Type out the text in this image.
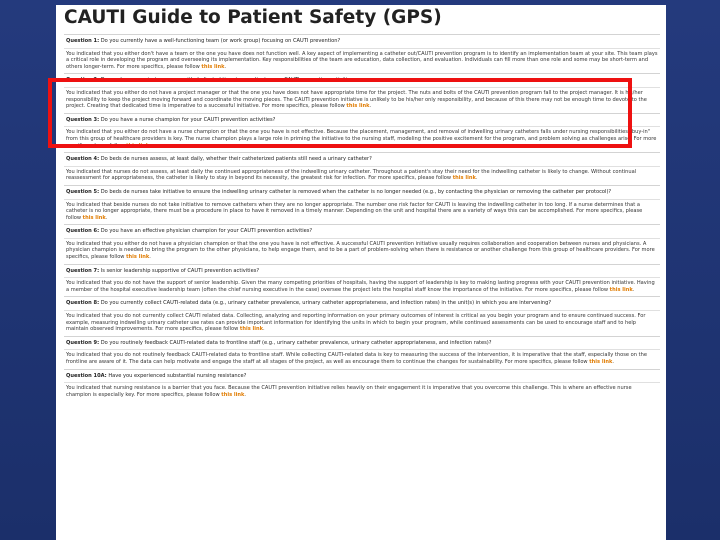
CAUTI Guide to Patient Safety (GPS)
Question 1: Do you currently have a well-functioning team (or work group) focusing on CAUTI prevention?
You indicated that you either don't have a team or the one you have does not function well. A key aspect of implementing a catheter out/CAUTI prevention program is to identify an implementation team at your site. This team plays a critical role in developing the program and overseeing its implementation. Key responsibilities of the team are education, data collection, and evaluation. Individuals can fill more than one role and some may be short-term and others longer-term. For more specifics, please follow this link.
Question 2: Do you have a project manager with dedicated time to coordinate your CAUTI prevention activities
You indicated that you either do not have a project manager or that the one you have does not have appropriate time for the project. The nuts and bolts of the CAUTI prevention program fall to the project manager. It is his/her responsibility to keep the project moving forward and coordinate the moving pieces. The CAUTI prevention initiative is unlikely to be his/her only responsibility, and because of this there may not be enough time to devote to the project. Creating that dedicated time is imperative to a successful initiative. For more specifics, please follow this link.
Question 3: Do you have a nurse champion for your CAUTI prevention activities?
You indicated that you either do not have a nurse champion or that the one you have is not effective. Because the placement, management, and removal of indwelling urinary catheters falls under nursing responsibilities "buy-in" from this group of healthcare providers is key. The nurse champion plays a large role in priming the initiative to the nursing staff, modeling the positive excitement for the program, and problem solving as challenges arise. For more specifics, please follow this link.
Question 4: Do beds de nurses assess, at least daily, whether their catheterized patients still need a urinary catheter?
You indicated that nurses do not assess, at least daily the continued appropriateness of the indwelling urinary catheter. Throughout a patient's stay their need for the indwelling catheter is likely to change. Without continual reassessment for appropriateness, the catheter is likely to stay in beyond its necessity, the greatest risk for infection. For more specifics, please follow this link.
Question 5: Do beds de nurses take initiative to ensure the indwelling urinary catheter is removed when the catheter is no longer needed (e.g., by contacting the physician or removing the catheter per protocol)?
You indicated that beside nurses do not take initiative to remove catheters when they are no longer appropriate. The number one risk factor for CAUTI is leaving the indwelling catheter in too long. If a nurse determines that a catheter is no longer appropriate, there must be a procedure in place to have it removed in a timely manner. Depending on the unit and hospital there are a variety of ways this can be accomplished. For more specifics, please follow this link.
Question 6: Do you have an effective physician champion for your CAUTI prevention activities?
You indicated that you either do not have a physician champion or that the one you have is not effective. A successful CAUTI prevention initiative usually requires collaboration and cooperation between nurses and physicians. A physician champion is needed to bring the program to the other physicians, to help engage them, and to be a part of problem-solving when there is resistance or another challenge from this group of healthcare providers. For more specifics, please follow this link.
Question 7: Is senior leadership supportive of CAUTI prevention activities?
You indicated that you do not have the support of senior leadership. Given the many competing priorities of hospitals, having the support of leadership is key to making lasting progress with your CAUTI prevention initiative. Having a member of the hospital executive leadership team (often the chief nursing executive in the case) oversee the project lets the hospital staff know the importance of the initiative. For more specifics, please follow this link.
Question 8: Do you currently collect CAUTI-related data (e.g., urinary catheter prevalence, urinary catheter appropriateness, and infection rates) in the unit(s) in which you are intervening?
You indicated that you do not currently collect CAUTI related data. Collecting, analyzing and reporting information on your primary outcomes of interest is critical as you begin your program and to ensure continued success. For example, measuring indwelling urinary catheter use rates can provide important information for identifying the units in which to begin your program, while continued assessments can be used to encourage staff and to help maintain observed improvements. For more specifics, please follow this link.
Question 9: Do you routinely feedback CAUTI-related data to frontline staff (e.g., urinary catheter prevalence, urinary catheter appropriateness, and infection rates)?
You indicated that you do not routinely feedback CAUTI-related data to frontline staff. While collecting CAUTI-related data is key to measuring the success of the intervention, it is imperative that the staff, especially those on the frontline are aware of it. The data can help motivate and engage the staff at all stages of the project, as well as encourage them to continue the changes for sustainability. For more specifics, please follow this link.
Question 10A: Have you experienced substantial nursing resistance?
You indicated that nursing resistance is a barrier that you face. Because the CAUTI prevention initiative relies heavily on their engagement it is imperative that you overcome this challenge. This is where an effective nurse champion is especially key. For more specifics, please follow this link.
